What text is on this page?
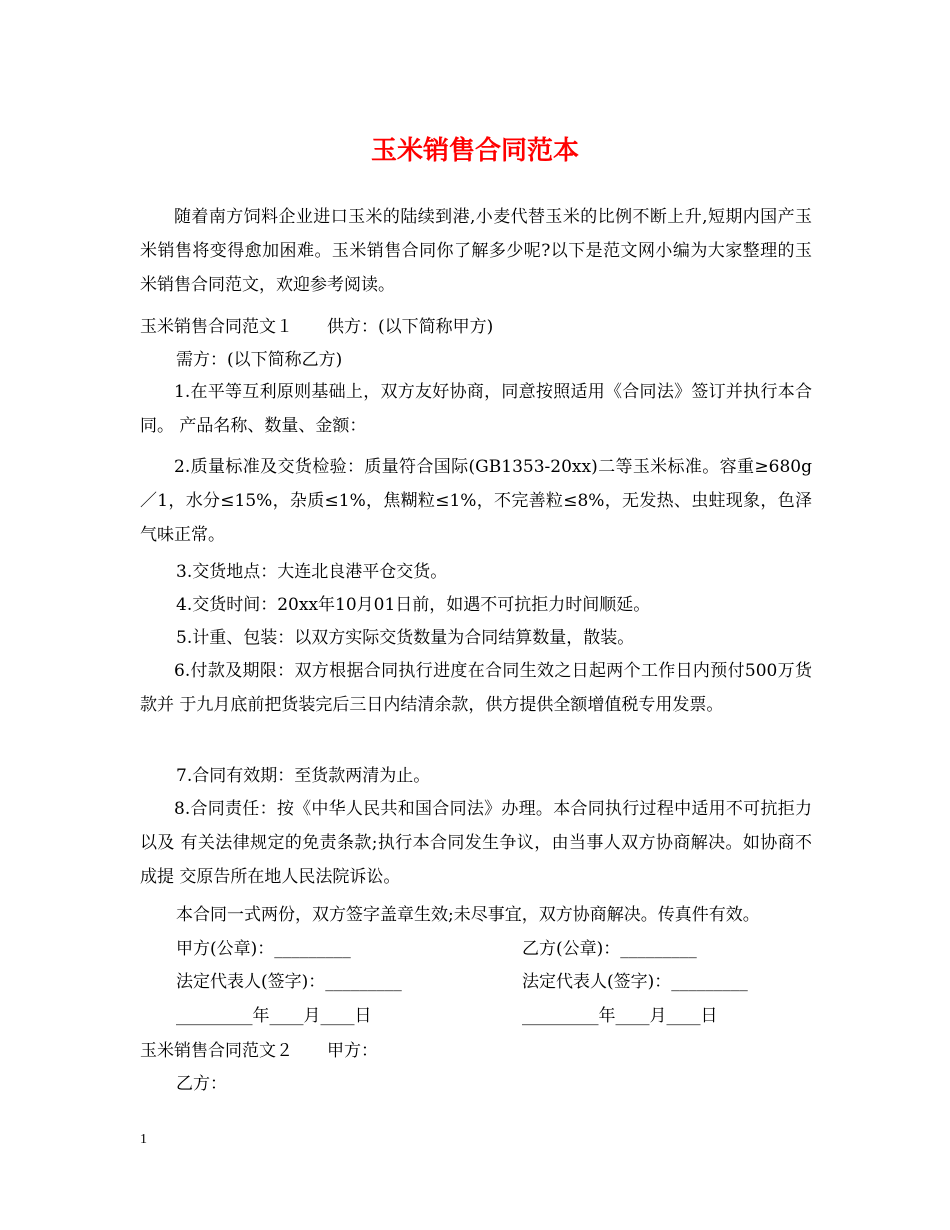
玉米销售合同范本
随着南方饲料企业进口玉米的陆续到港,小麦代替玉米的比例不断上升,短期内国产玉米销售将变得愈加困难。玉米销售合同你了解多少呢?以下是范文网小编为大家整理的玉米销售合同范文，欢迎参考阅读。
玉米销售合同范文１　　供方：(以下简称甲方)
需方：(以下简称乙方)
1.在平等互利原则基础上，双方友好协商，同意按照适用《合同法》签订并执行本合同。 产品名称、数量、金额：
2.质量标准及交货检验：质量符合国际(GB1353-20xx)二等玉米标准。容重≥680g／1，水分≤15%，杂质≤1%，焦糊粒≤1%，不完善粒≤8%，无发热、虫蛀现象，色泽气味正常。
3.交货地点：大连北良港平仓交货。
4.交货时间：20xx年10月01日前，如遇不可抗拒力时间顺延。
5.计重、包装：以双方实际交货数量为合同结算数量，散装。
6.付款及期限：双方根据合同执行进度在合同生效之日起两个工作日内预付500万货款并 于九月底前把货装完后三日内结清余款，供方提供全额增值税专用发票。
7.合同有效期：至货款两清为止。
8.合同责任：按《中华人民共和国合同法》办理。本合同执行过程中适用不可抗拒力以及 有关法律规定的免责条款;执行本合同发生争议，由当事人双方协商解决。如协商不成提 交原告所在地人民法院诉讼。
本合同一式两份，双方签字盖章生效;未尽事宜，双方协商解决。传真件有效。
甲方(公章)：_________	乙方(公章)：_________
法定代表人(签字)：_________	法定代表人(签字)：_________
_________年____月____日	_________年____月____日
玉米销售合同范文２　　甲方：
乙方：
1
